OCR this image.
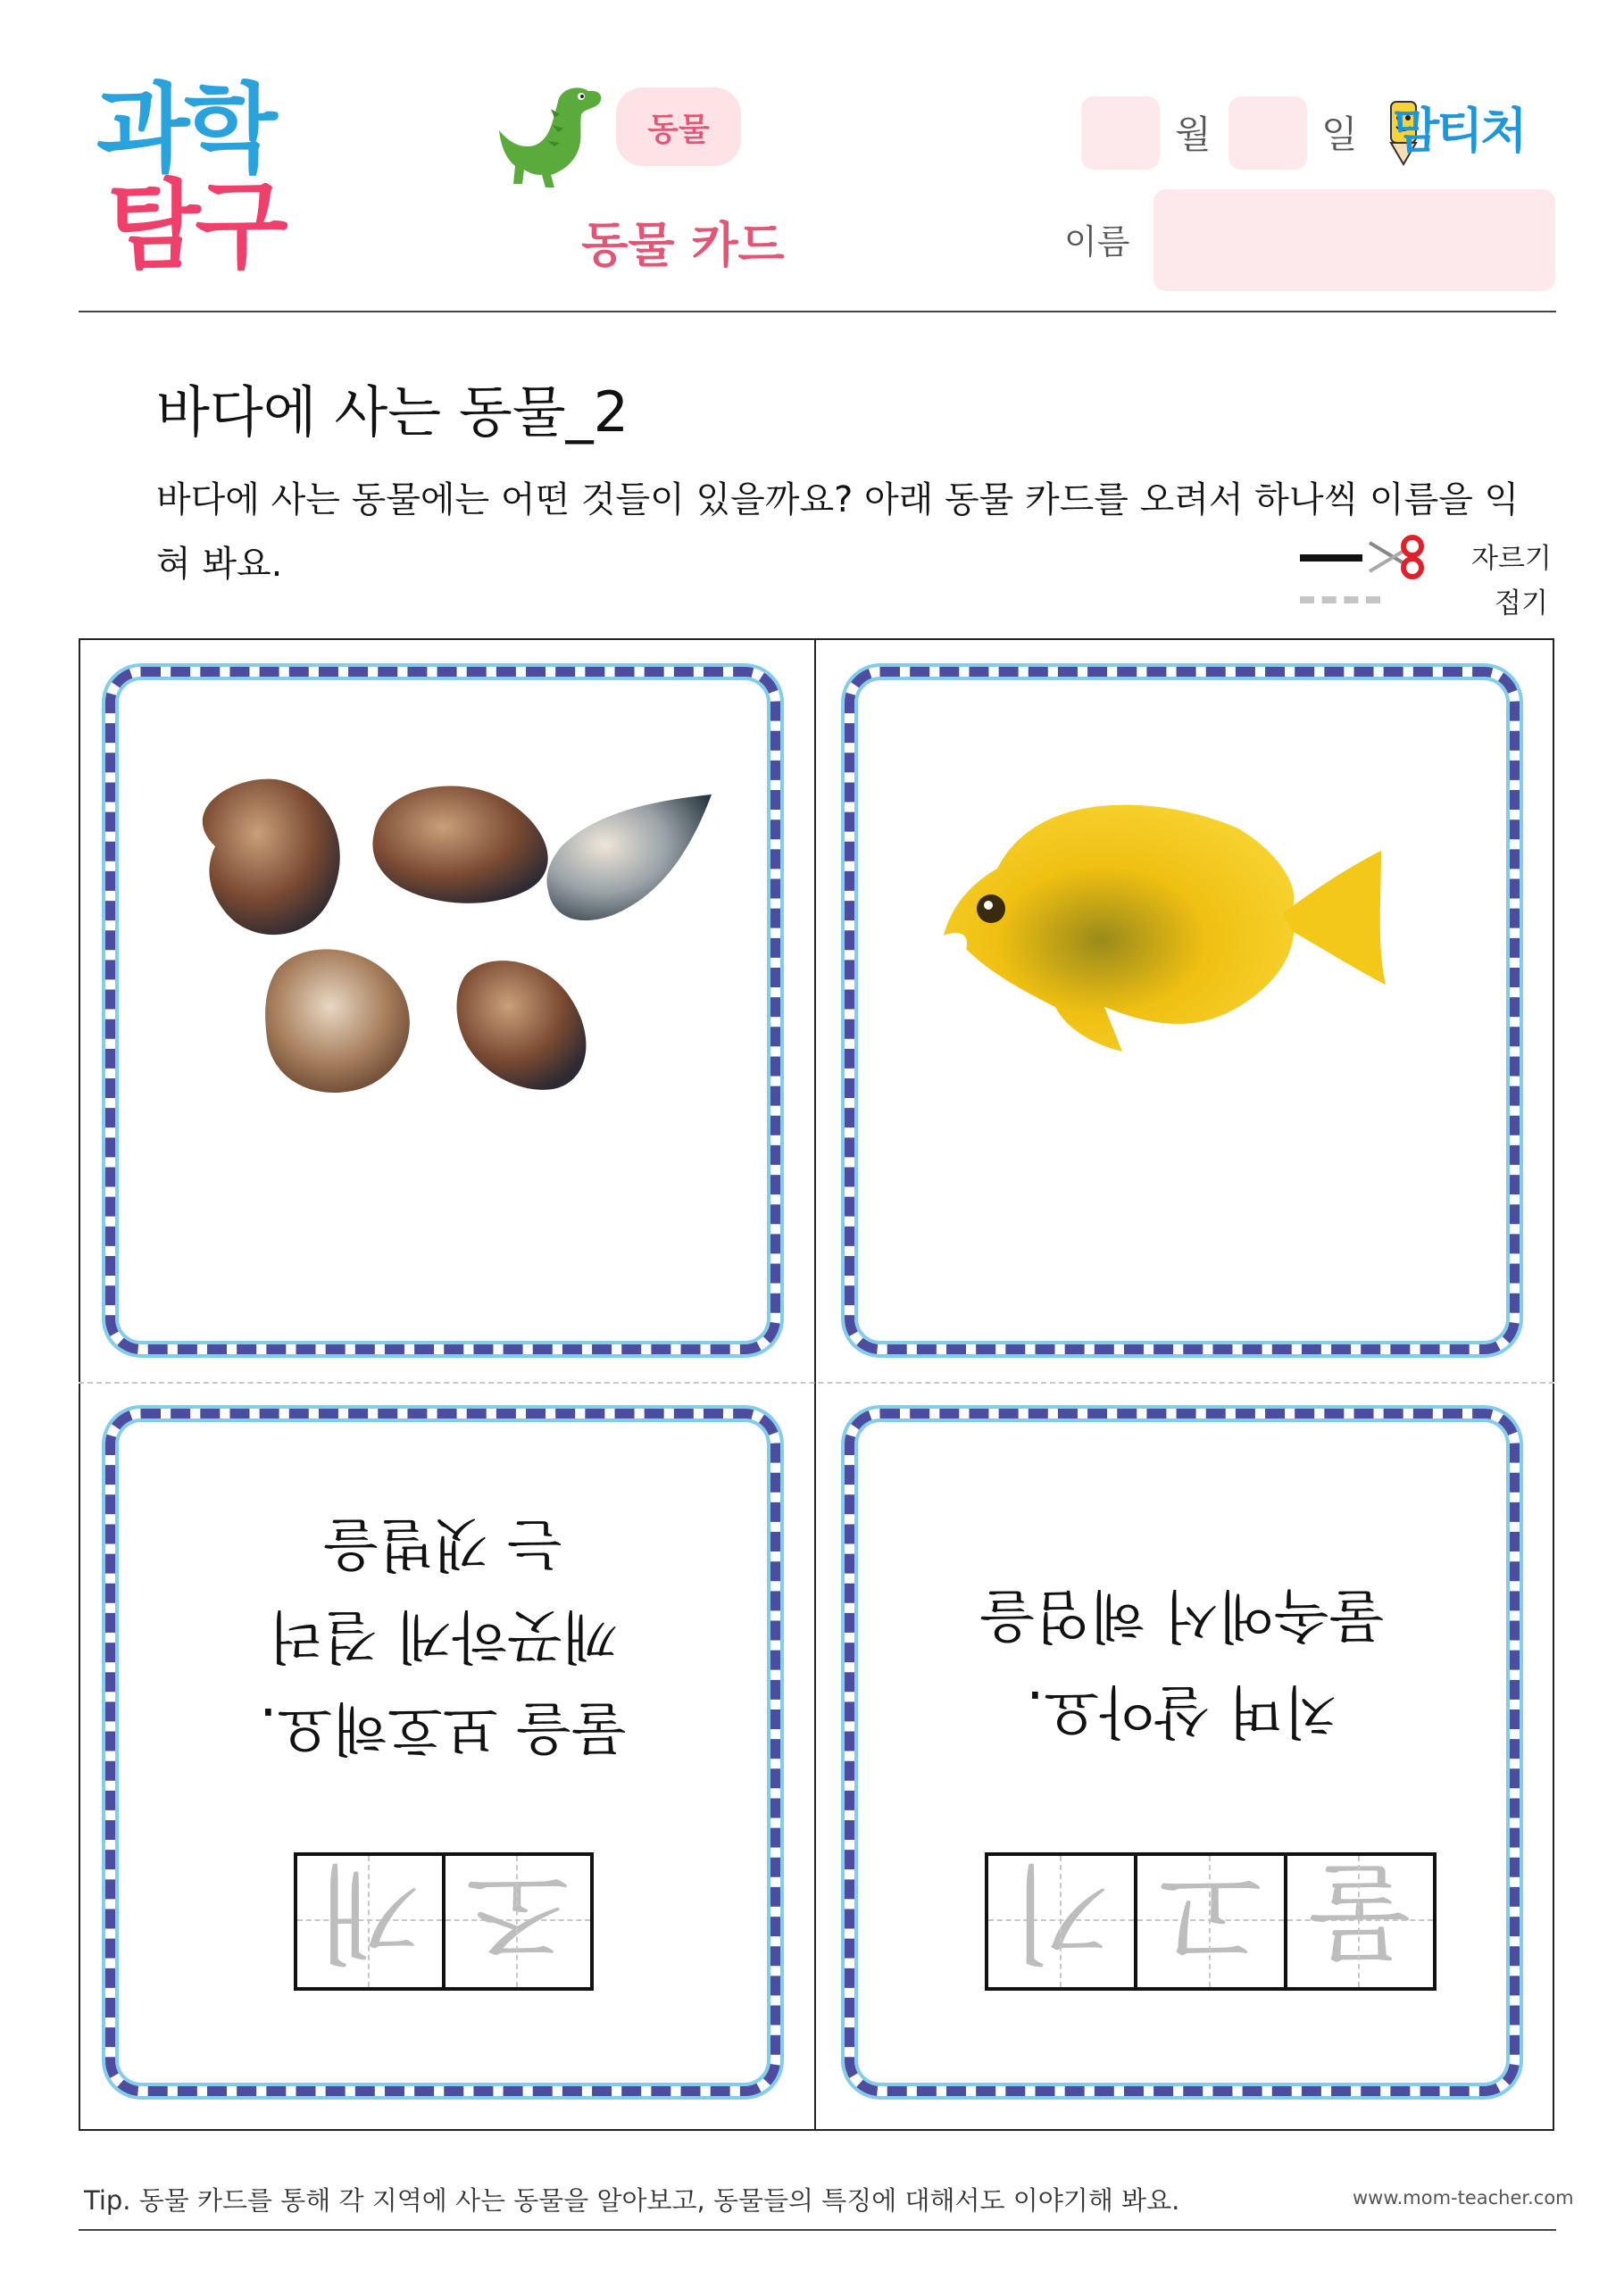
과학
탐구
동물
동물 카드
월	일 맘티처
이름
바다에 사는 동물_2
바다에 사는 동물에는 어떤 것들이 있을까요? 아래 동물 카드를 오려서 하나씩 이름을 익혀 봐요.	자르기
접기
물을 보호해요.
깨끗하게 걸러
는 갯벌을
조
개
치며 살아요.
물속에서 헤엄을
물
고
기
Tip. 동물 카드를 통해 각 지역에 사는 동물을 알아보고, 동물들의 특징에 대해서도 이야기해 봐요.	www.mom-teacher.com
